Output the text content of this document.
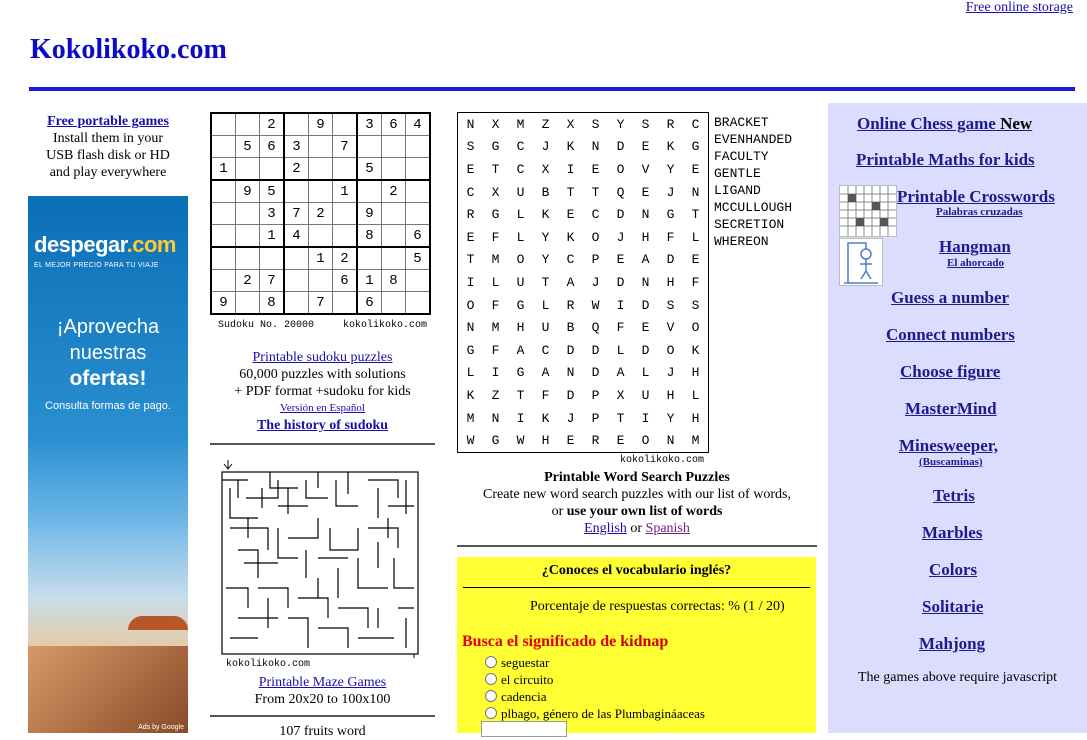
Free online storage
Kokolikoko.com
Free portable games
Install them in your
USB flash disk or HD
and play everywhere
despegar.com
EL MEJOR PRECIO PARA TU VIAJE
¡Aprovecha
nuestras
ofertas!
Consulta formas de pago.
Ads by Google
		2		9		3	6	4
	5	6	3		7			
1			2			5		
	9	5			1		2	
		3	7	2		9		
		1	4			8		6
				1	2			5
	2	7			6	1	8	
9		8		7		6		
Sudoku No. 20000	kokolikoko.com
Printable sudoku puzzles
60,000 puzzles with solutions
+ PDF format +sudoku for kids
Versión en Español
The history of sudoku
kokolikoko.com
Printable Maze Games
From 20x20 to 100x100
107 fruits word
N	X	M	Z	X	S	Y	S	R	C
S	G	C	J	K	N	D	E	K	G
E	T	C	X	I	E	O	V	Y	E
C	X	U	B	T	T	Q	E	J	N
R	G	L	K	E	C	D	N	G	T
E	F	L	Y	K	O	J	H	F	L
T	M	O	Y	C	P	E	A	D	E
I	L	U	T	A	J	D	N	H	F
O	F	G	L	R	W	I	D	S	S
N	M	H	U	B	Q	F	E	V	O
G	F	A	C	D	D	L	D	O	K
L	I	G	A	N	D	A	L	J	H
K	Z	T	F	D	P	X	U	H	L
M	N	I	K	J	P	T	I	Y	H
W	G	W	H	E	R	E	O	N	M
BRACKET
EVENHANDED
FACULTY
GENTLE
LIGAND
MCCULLOUGH
SECRETION
WHEREON
kokolikoko.com
Printable Word Search Puzzles
Create new word search puzzles with our list of words,
or use your own list of words
English or Spanish
¿Conoces el vocabulario inglés?
Porcentaje de respuestas correctas: % (1 / 20)
Busca el significado de kidnap
seguestar
el circuito
cadencia
plbago, género de las Plumbagináaceas
Online Chess game New
Printable Maths for kids
Printable Crosswords
Palabras cruzadas
Hangman
El ahorcado
Guess a number
Connect numbers
Choose figure
MasterMind
Minesweeper,
(Buscaminas)
Tetris
Marbles
Colors
Solitarie
Mahjong
The games above require javascript
